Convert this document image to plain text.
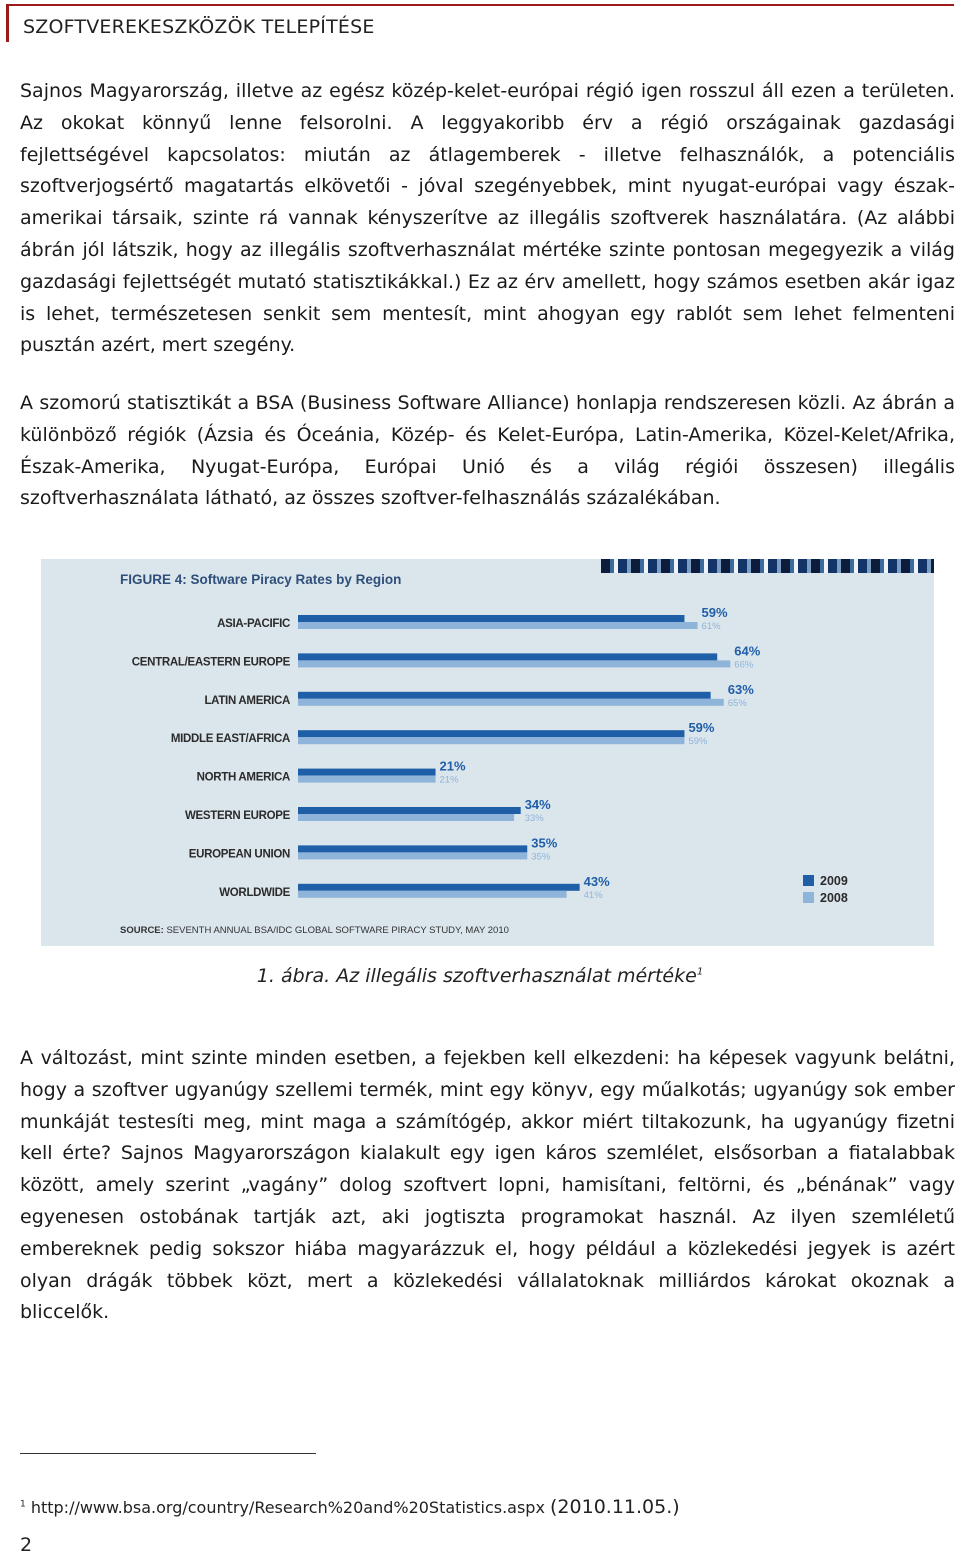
SZOFTVEREKESZKÖZÖK TELEPÍTÉSE

Sajnos Magyarország, illetve az egész közép-kelet-európai régió igen rosszul áll ezen a területen. Az okokat könnyű lenne felsorolni. A leggyakoribb érv a régió országainak gazdasági fejlettségével kapcsolatos: miután az átlagemberek - illetve felhasználók, a potenciális szoftverjogsértő magatartás elkövetői - jóval szegényebbek, mint nyugat-európai vagy észak-amerikai társaik, szinte rá vannak kényszerítve az illegális szoftverek használatára. (Az alábbi ábrán jól látszik, hogy az illegális szoftverhasználat mértéke szinte pontosan megegyezik a világ gazdasági fejlettségét mutató statisztikákkal.) Ez az érv amellett, hogy számos esetben akár igaz is lehet, természetesen senkit sem mentesít, mint ahogyan egy rablót sem lehet felmenteni pusztán azért, mert szegény.

A szomorú statisztikát a BSA (Business Software Alliance) honlapja rendszeresen közli. Az ábrán a különböző régiók (Ázsia és Óceánia, Közép- és Kelet-Európa, Latin-Amerika, Közel-Kelet/Afrika, Észak-Amerika, Nyugat-Európa, Európai Unió és a világ régiói összesen) illegális szoftverhasználata látható, az összes szoftver-felhasználás százalékában.

FIGURE 4: Software Piracy Rates by Region
ASIA-PACIFIC
59%
61%
CENTRAL/EASTERN EUROPE
64%
66%
LATIN AMERICA
63%
65%
MIDDLE EAST/AFRICA
59%
59%
NORTH AMERICA
21%
21%
WESTERN EUROPE
34%
33%
EUROPEAN UNION
35%
35%
WORLDWIDE
43%
41%
2009
2008
SOURCE: SEVENTH ANNUAL BSA/IDC GLOBAL SOFTWARE PIRACY STUDY, MAY 2010
1. ábra. Az illegális szoftverhasználat mértéke$^1$

A változást, mint szinte minden esetben, a fejekben kell elkezdeni: ha képesek vagyunk belátni, hogy a szoftver ugyanúgy szellemi termék, mint egy könyv, egy műalkotás; ugyanúgy sok ember munkáját testesíti meg, mint maga a számítógép, akkor miért tiltakozunk, ha ugyanúgy fizetni kell érte? Sajnos Magyarországon kialakult egy igen káros szemlélet, elsősorban a fiatalabbak között, amely szerint „vagány” dolog szoftvert lopni, hamisítani, feltörni, és „bénának” vagy egyenesen ostobának tartják azt, aki jogtiszta programokat használ. Az ilyen szemléletű embereknek pedig sokszor hiába magyarázzuk el, hogy például a közlekedési jegyek is azért olyan drágák többek közt, mert a közlekedési vállalatoknak milliárdos károkat okoznak a bliccelők.

$^1$ http://www.bsa.org/country/Research%20and%20Statistics.aspx (2010.11.05.)
2
